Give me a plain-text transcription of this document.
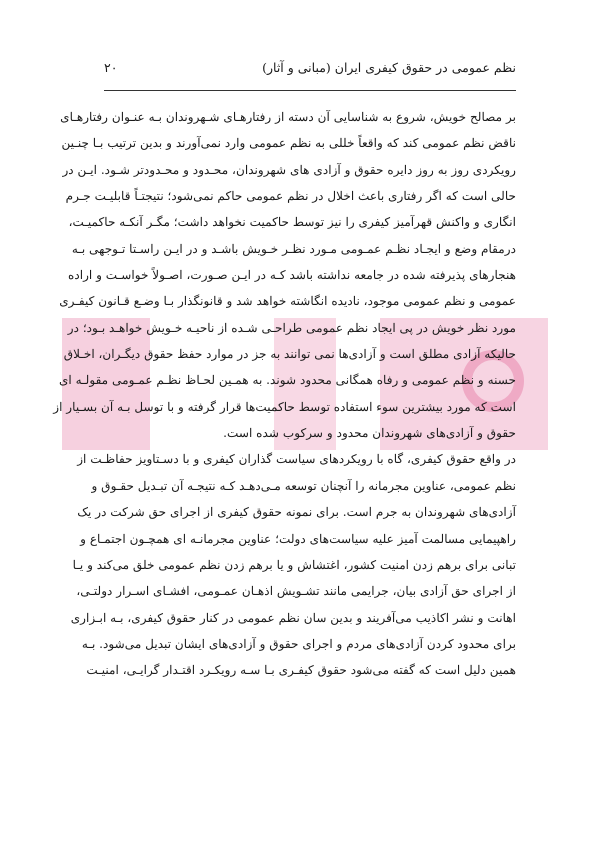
نظم عمومی در حقوق کیفری ایران (مبانی و آثار)
۲۰
بر مصالح خویش، شروع به شناسایی آن دسته از رفتارهـای شـهروندان بـه عنـوان رفتارهـای
ناقض نظم عمومی کند که واقعاً خللی به نظم عمومی وارد نمی‌آورند و بدین ترتیب بـا چنـین
رویکردی روز به روز دایره حقوق و آزادی های شهروندان، محـدود و محـدودتر شـود. ایـن در
حالی است که اگر رفتاری باعث اخلال در نظم عمومی حاکم نمی‌شود؛ نتیجتـاً قابلیـت جـرم
انگاری و واکنش قهرآمیز کیفری را نیز توسط حاکمیت نخواهد داشت؛ مگـر آنکـه حاکمیـت،
درمقام وضع و ایجـاد نظـم عمـومی مـورد نظـر خـویش باشـد و در ایـن راسـتا تـوجهی بـه
هنجارهای پذیرفته شده در جامعه نداشته باشد کـه در ایـن صـورت، اصـولاً خواسـت و اراده
عمومی و نظم عمومی موجود، نادیده انگاشته خواهد شد و قانونگذار بـا وضـع قـانون کیفـری
مورد نظر خویش در پی ایجاد نظم عمومی طراحـی شـده از ناحیـه خـویش خواهـد بـود؛ در
حالیکه آزادی مطلق است و آزادی‌ها نمی توانند به جز در موارد حفظ حقوق دیگـران، اخـلاق
حسنه و نظم عمومی و رفاه همگانی محدود شوند. به همـین لحـاظ نظـم عمـومی مقولـه ای
است که مورد بیشترین سوء استفاده توسط حاکمیت‌ها قرار گرفته و با توسل بـه آن بسـیار از
حقوق و آزادی‌های شهروندان محدود و سرکوب شده است.
در واقع حقوق کیفری، گاه با رویکردهای سیاست گذاران کیفری و با دسـتاویز حفاظـت از
نظم عمومی، عناوین مجرمانه را آنچنان توسعه مـی‌دهـد کـه نتیجـه آن تبـدیل حقـوق و
آزادی‌های شهروندان به جرم است. برای نمونه حقوق کیفری از اجرای حق شرکت در یک
راهپیمایی مسالمت آمیز علیه سیاست‌های دولت؛ عناوین مجرمانـه ای همچـون اجتمـاع و
تبانی برای برهم زدن امنیت کشور، اغتشاش و یا برهم زدن نظم عمومی خلق می‌کند و یـا
از اجرای حق آزادی بیان، جرایمی مانند تشـویش اذهـان عمـومی، افشـای اسـرار دولتـی،
اهانت و نشر اکاذیب می‌آفریند و بدین سان نظم عمومی در کنار حقوق کیفری، بـه ابـزاری
برای محدود کردن آزادی‌های مردم و اجرای حقوق و آزادی‌های ایشان تبدیل می‌شود. بـه
همین دلیل است که گفته می‌شود حقوق کیفـری بـا سـه رویکـرد اقتـدار گرایـی، امنیـت
